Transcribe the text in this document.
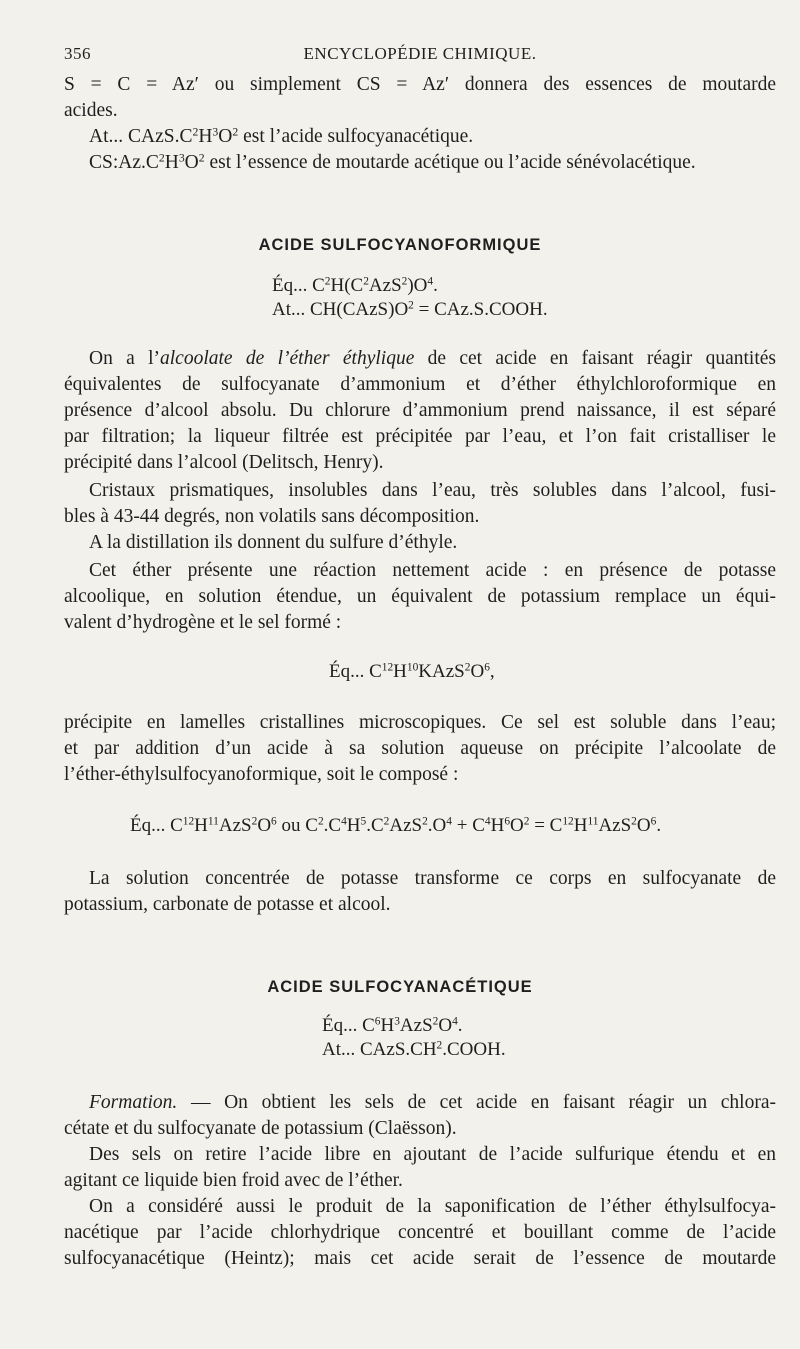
356	ENCYCLOPÉDIE CHIMIQUE.
S = C = Az′ ou simplement CS = Az′ donnera des essences de moutarde
acides.
At... $CAzS.C^2H^3O^2$ est l’acide sulfocyanacétique.
$CS:Az.C^2H^3O^2$ est l’essence de moutarde acétique ou l’acide sénévolacétique.
ACIDE SULFOCYANOFORMIQUE
Éq... $C^2H(C^2AzS^2)O^4$.
At... $CH(CAzS)O^2$ = CAz.S.COOH.
On a l’alcoolate de l’éther éthylique de cet acide en faisant réagir quantités
équivalentes de sulfocyanate d’ammonium et d’éther éthylchloroformique en
présence d’alcool absolu. Du chlorure d’ammonium prend naissance, il est séparé
par filtration; la liqueur filtrée est précipitée par l’eau, et l’on fait cristalliser le
précipité dans l’alcool (Delitsch, Henry).
Cristaux prismatiques, insolubles dans l’eau, très solubles dans l’alcool, fusi-
bles à 43-44 degrés, non volatils sans décomposition.
A la distillation ils donnent du sulfure d’éthyle.
Cet éther présente une réaction nettement acide : en présence de potasse
alcoolique, en solution étendue, un équivalent de potassium remplace un équi-
valent d’hydrogène et le sel formé :
Éq... $C^{12}H^{10}KAzS^2O^6$,
précipite en lamelles cristallines microscopiques. Ce sel est soluble dans l’eau;
et par addition d’un acide à sa solution aqueuse on précipite l’alcoolate de
l’éther-éthylsulfocyanoformique, soit le composé :
Éq... $C^{12}H^{11}AzS^2O^6$ ou $C^2.C^4H^5.C^2AzS^2.O^4 + C^4H^6O^2 = C^{12}H^{11}AzS^2O^6$.
La solution concentrée de potasse transforme ce corps en sulfocyanate de
potassium, carbonate de potasse et alcool.
ACIDE SULFOCYANACÉTIQUE
Éq... $C^6H^3AzS^2O^4$.
At... $CAzS.CH^2.COOH$.
Formation. — On obtient les sels de cet acide en faisant réagir un chlora-
cétate et du sulfocyanate de potassium (Claësson).
Des sels on retire l’acide libre en ajoutant de l’acide sulfurique étendu et en
agitant ce liquide bien froid avec de l’éther.
On a considéré aussi le produit de la saponification de l’éther éthylsulfocya-
nacétique par l’acide chlorhydrique concentré et bouillant comme de l’acide
sulfocyanacétique (Heintz); mais cet acide serait de l’essence de moutarde
